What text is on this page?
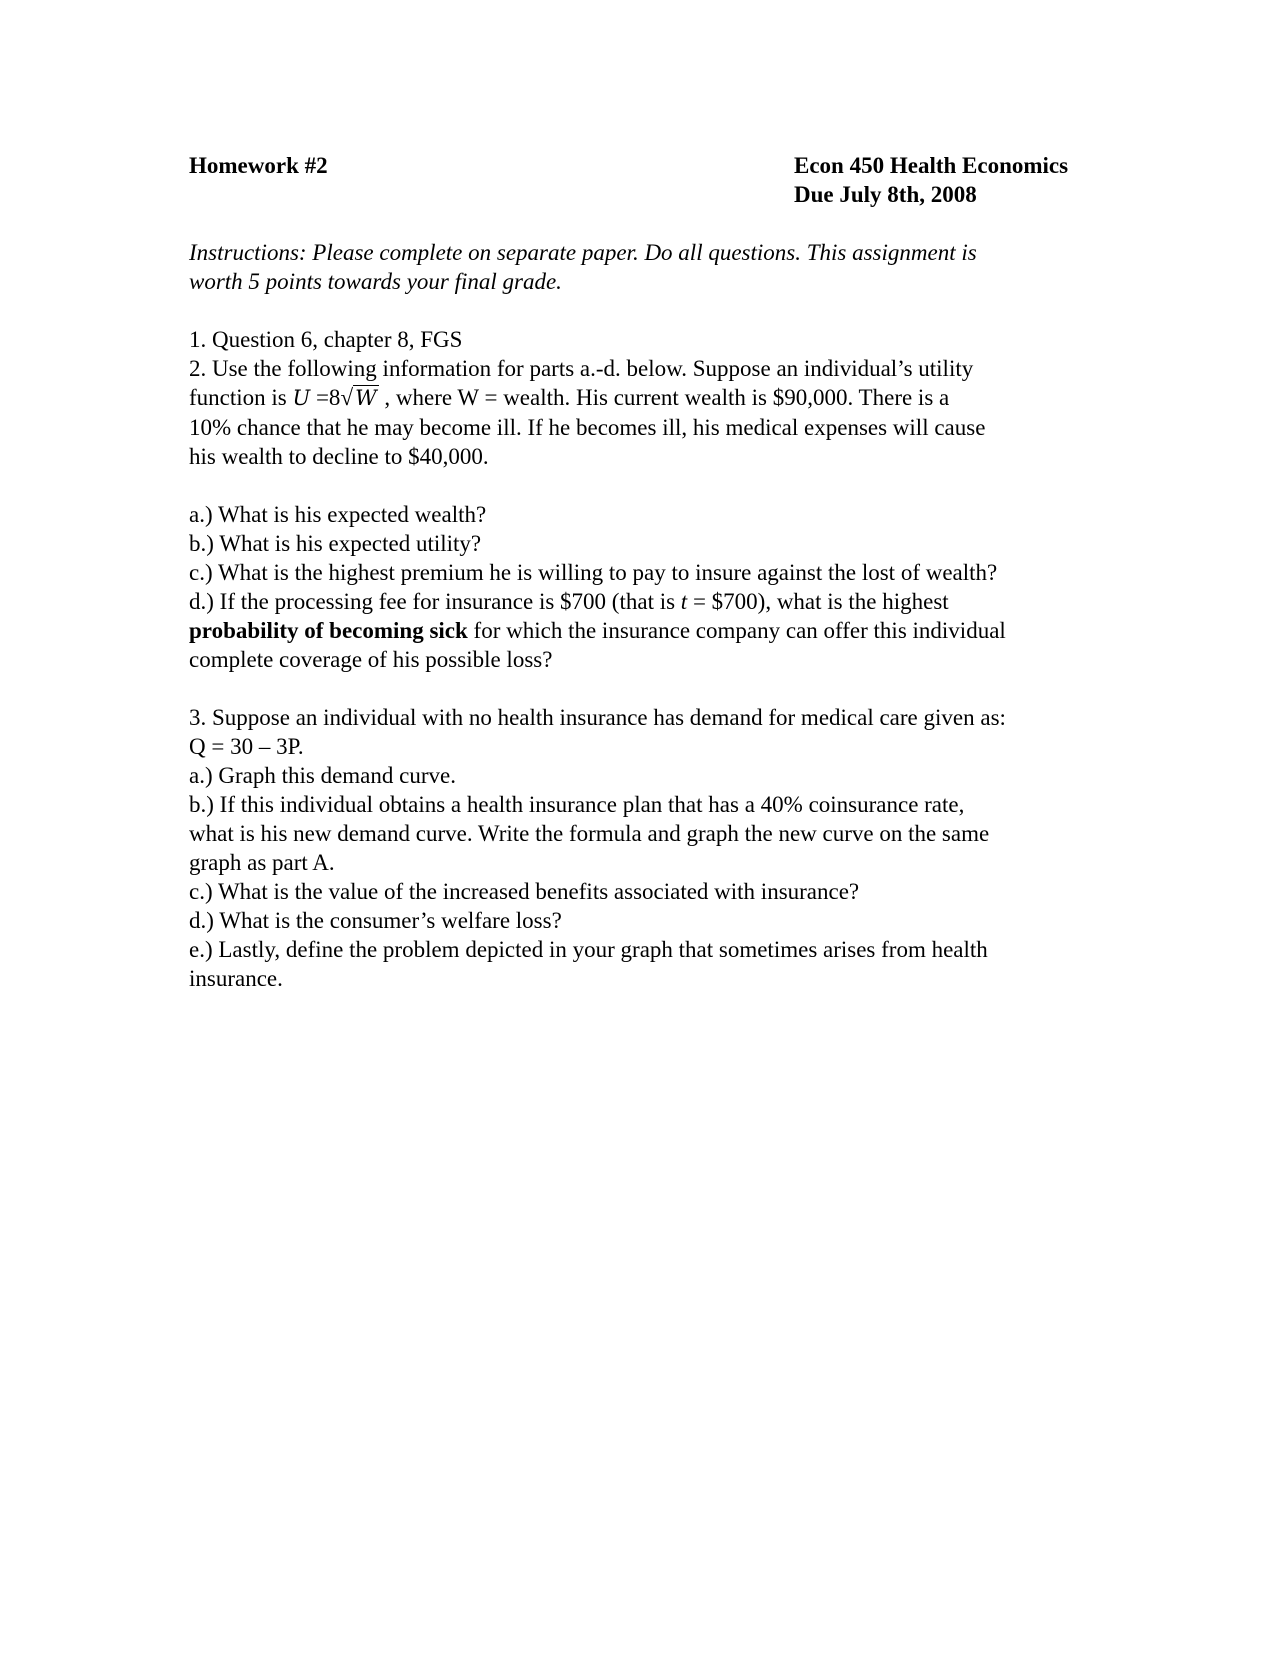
Homework #2	Econ 450 Health Economics
Due July 8th, 2008
Instructions: Please complete on separate paper. Do all questions. This assignment is
worth 5 points towards your final grade.
1. Question 6, chapter 8, FGS
2. Use the following information for parts a.-d. below. Suppose an individual’s utility
function is U =8√W , where W = wealth. His current wealth is $90,000. There is a
10% chance that he may become ill. If he becomes ill, his medical expenses will cause
his wealth to decline to $40,000.
a.) What is his expected wealth?
b.) What is his expected utility?
c.) What is the highest premium he is willing to pay to insure against the lost of wealth?
d.) If the processing fee for insurance is $700 (that is t = $700), what is the highest
probability of becoming sick for which the insurance company can offer this individual
complete coverage of his possible loss?
3. Suppose an individual with no health insurance has demand for medical care given as:
Q = 30 – 3P.
a.) Graph this demand curve.
b.) If this individual obtains a health insurance plan that has a 40% coinsurance rate,
what is his new demand curve. Write the formula and graph the new curve on the same
graph as part A.
c.) What is the value of the increased benefits associated with insurance?
d.) What is the consumer’s welfare loss?
e.) Lastly, define the problem depicted in your graph that sometimes arises from health
insurance.
